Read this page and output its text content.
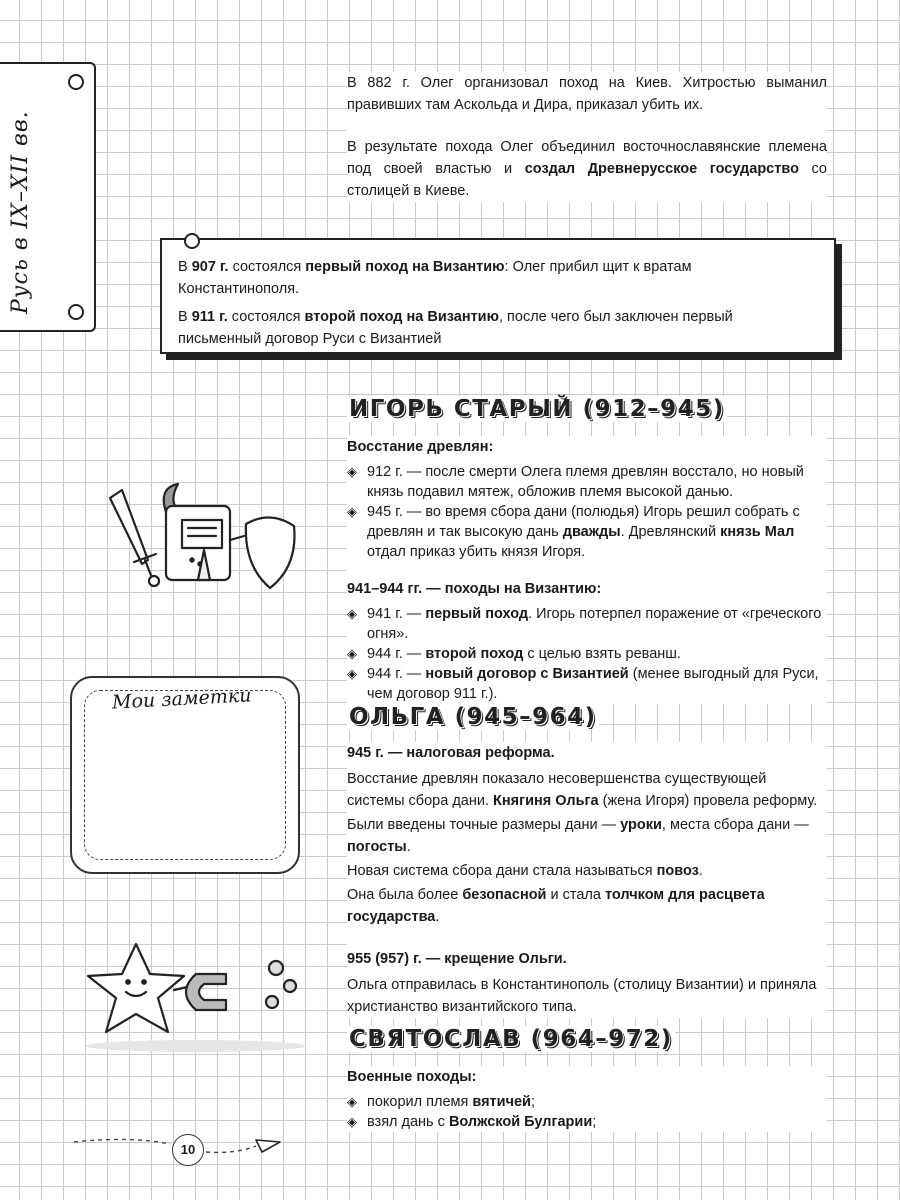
Русь в IX–XII вв.

В 882 г. Олег организовал поход на Киев. Хитростью выманил правивших там Аскольда и Дира, приказал убить их.

В результате похода Олег объединил восточнославянские племена под своей властью и создал Древнерусское государство со столицей в Киеве.

В 907 г. состоялся первый поход на Византию: Олег прибил щит к вратам Константинополя.

В 911 г. состоялся второй поход на Византию, после чего был заключен первый письменный договор Руси с Византией

ИГОРЬ СТАРЫЙ (912–945)

Восстание древлян:

◈ 912 г. — после смерти Олега племя древлян восстало, но новый князь подавил мятеж, обложив племя высокой данью.
◈ 945 г. — во время сбора дани (полюдья) Игорь решил собрать с древлян и так высокую дань дважды. Древлянский князь Мал отдал приказ убить князя Игоря.

941–944 гг. — походы на Византию:

◈ 941 г. — первый поход. Игорь потерпел поражение от «греческого огня».
◈ 944 г. — второй поход с целью взять реванш.
◈ 944 г. — новый договор с Византией (менее выгодный для Руси, чем договор 911 г.).
ОЛЬГА (945–964)

945 г. — налоговая реформа.

Восстание древлян показало несовершенства существующей системы сбора дани. Княгиня Ольга (жена Игоря) провела реформу.

Были введены точные размеры дани — уроки, места сбора дани — погосты.

Новая система сбора дани стала называться повоз.

Она была более безопасной и стала толчком для расцвета государства.

955 (957) г. — крещение Ольги.

Ольга отправилась в Константинополь (столицу Византии) и приняла христианство византийского типа.

СВЯТОСЛАВ (964–972)

Военные походы:

◈ покорил племя вятичей;
◈ взял дань с Волжской Булгарии;
Мои заметки
10
